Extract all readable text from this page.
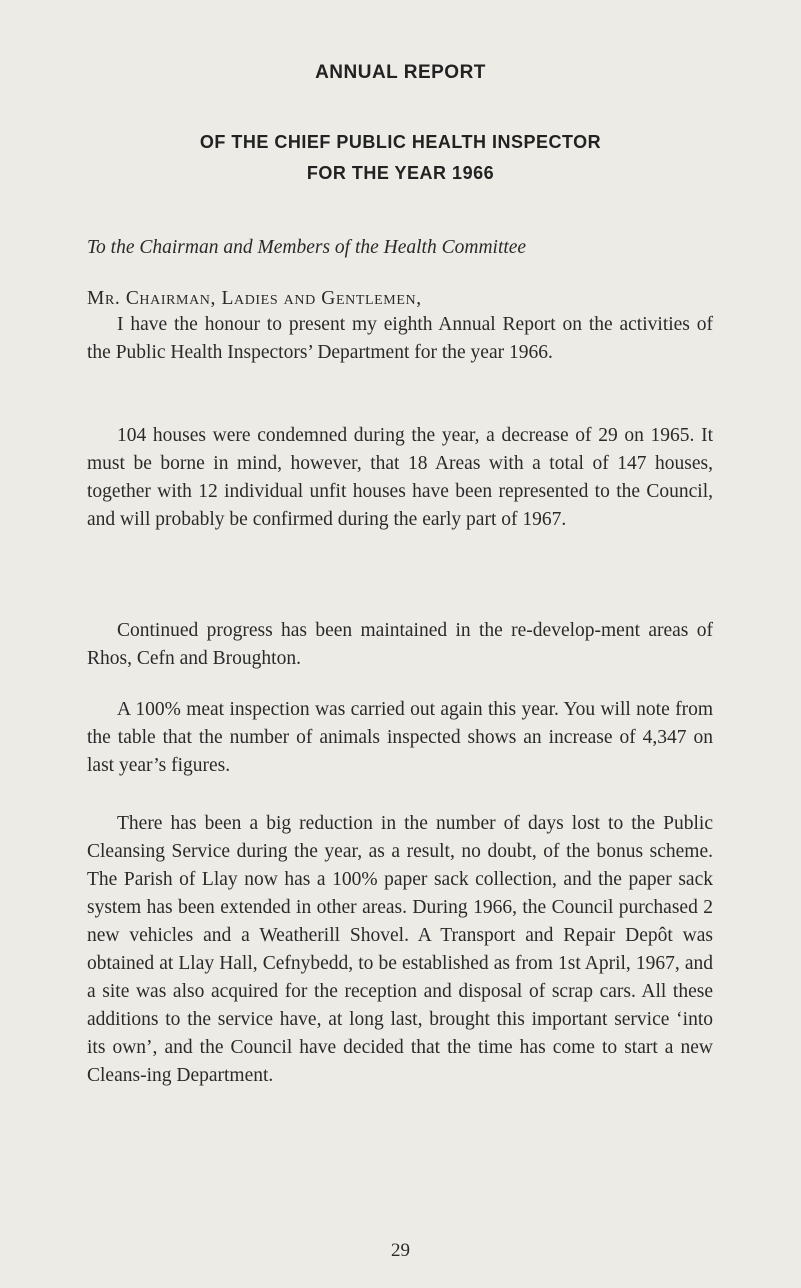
ANNUAL REPORT
OF THE CHIEF PUBLIC HEALTH INSPECTOR
FOR THE YEAR 1966
To the Chairman and Members of the Health Committee
Mr. Chairman, Ladies and Gentlemen,

I have the honour to present my eighth Annual Report on the activities of the Public Health Inspectors’ Department for the year 1966.

104 houses were condemned during the year, a decrease of 29 on 1965. It must be borne in mind, however, that 18 Areas with a total of 147 houses, together with 12 individual unfit houses have been represented to the Council, and will probably be confirmed during the early part of 1967.

Continued progress has been maintained in the re-develop-ment areas of Rhos, Cefn and Broughton.

A 100% meat inspection was carried out again this year. You will note from the table that the number of animals inspected shows an increase of 4,347 on last year’s figures.

There has been a big reduction in the number of days lost to the Public Cleansing Service during the year, as a result, no doubt, of the bonus scheme. The Parish of Llay now has a 100% paper sack collection, and the paper sack system has been extended in other areas. During 1966, the Council purchased 2 new vehicles and a Weatherill Shovel. A Transport and Repair Depôt was obtained at Llay Hall, Cefnybedd, to be established as from 1st April, 1967, and a site was also acquired for the reception and disposal of scrap cars. All these additions to the service have, at long last, brought this important service ‘into its own’, and the Council have decided that the time has come to start a new Cleans-ing Department.

29
